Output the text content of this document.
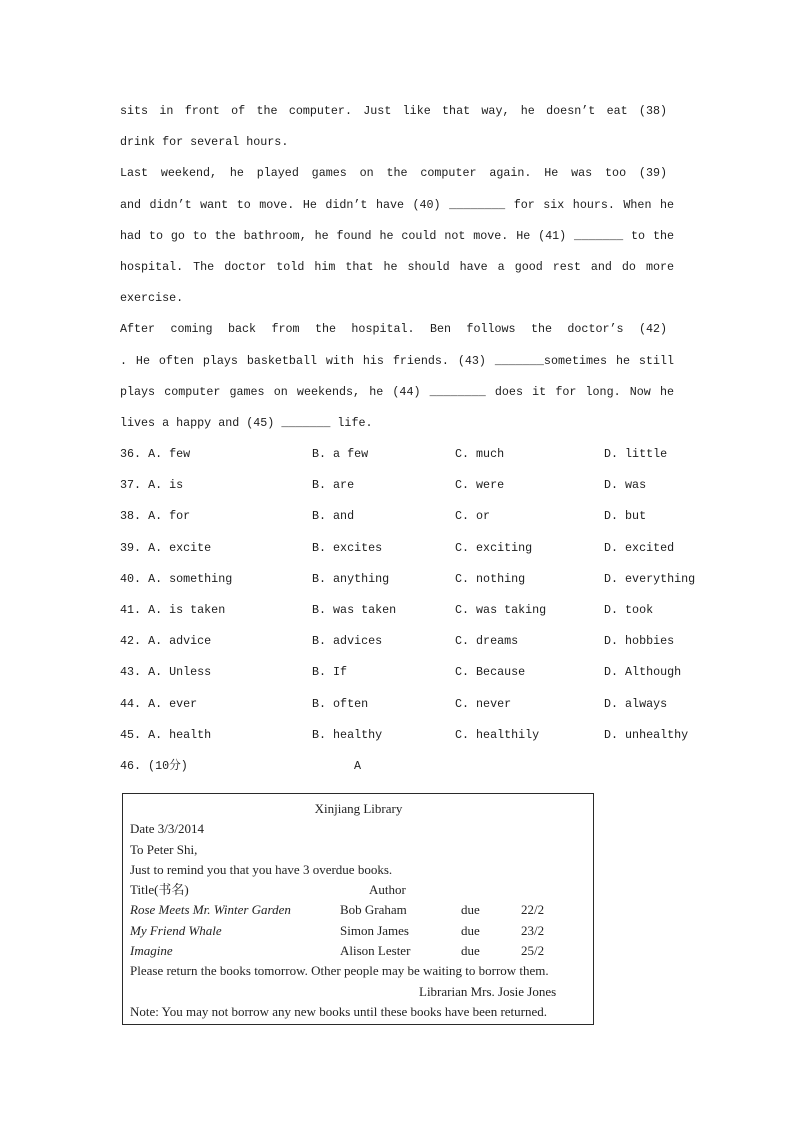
sits in front of the computer. Just like that way, he doesn’t eat (38)
drink for several hours.
Last weekend, he played games on the computer again. He was too (39)
and didn’t want to move. He didn’t have (40) ________ for six hours. When he
had to go to the bathroom, he found he could not move. He (41) _______ to the
hospital. The doctor told him that he should have a good rest and do more
exercise.
After coming back from the hospital. Ben follows the doctor’s (42)
. He often plays basketball with his friends. (43) _______sometimes he still
plays computer games on weekends, he (44) ________ does it for long. Now he
lives a happy and (45) _______ life.
36. A. few	B. a few	C. much	D. little
37. A. is	B. are	C. were	D. was
38. A. for	B. and	C. or	D. but
39. A. excite	B. excites	C. exciting	D. excited
40. A. something	B. anything	C. nothing	D. everything
41. A. is taken	B. was taken	C. was taking	D. took
42. A. advice	B. advices	C. dreams	D. hobbies
43. A. Unless	B. If	C. Because	D. Although
44. A. ever	B. often	C. never	D. always
45. A. health	B. healthy	C. healthily	D. unhealthy
46. (10分)	A
Xinjiang Library
Date 3/3/2014
To Peter Shi,
Just to remind you that you have 3 overdue books.
Title(书名)	Author
Rose Meets Mr. Winter Garden	Bob Graham	due	22/2
My Friend Whale	Simon James	due	23/2
Imagine	Alison Lester	due	25/2
Please return the books tomorrow. Other people may be waiting to borrow them.
Librarian Mrs. Josie Jones
Note: You may not borrow any new books until these books have been returned.
